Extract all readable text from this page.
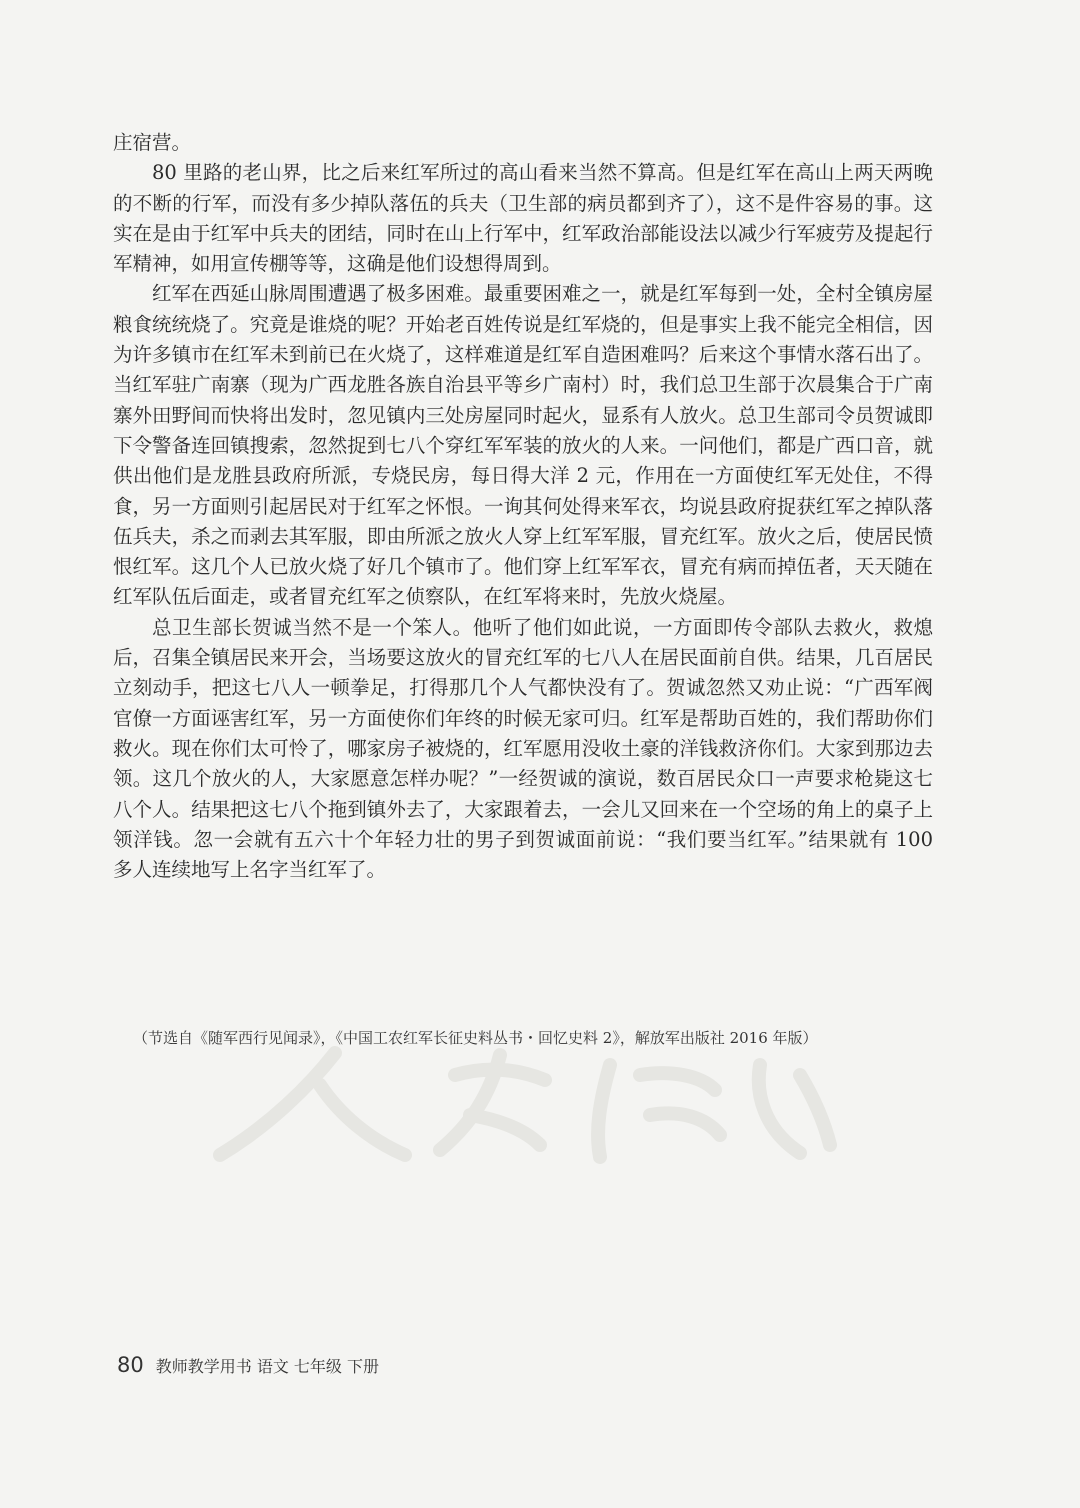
庄宿营。

80 里路的老山界，比之后来红军所过的高山看来当然不算高。但是红军在高山上两天两晚的不断的行军，而没有多少掉队落伍的兵夫（卫生部的病员都到齐了），这不是件容易的事。这实在是由于红军中兵夫的团结，同时在山上行军中，红军政治部能设法以减少行军疲劳及提起行军精神，如用宣传棚等等，这确是他们设想得周到。

红军在西延山脉周围遭遇了极多困难。最重要困难之一，就是红军每到一处，全村全镇房屋粮食统统烧了。究竟是谁烧的呢？开始老百姓传说是红军烧的，但是事实上我不能完全相信，因为许多镇市在红军未到前已在火烧了，这样难道是红军自造困难吗？后来这个事情水落石出了。当红军驻广南寨（现为广西龙胜各族自治县平等乡广南村）时，我们总卫生部于次晨集合于广南寨外田野间而快将出发时，忽见镇内三处房屋同时起火，显系有人放火。总卫生部司令员贺诚即下令警备连回镇搜索，忽然捉到七八个穿红军军装的放火的人来。一问他们，都是广西口音，就供出他们是龙胜县政府所派，专烧民房，每日得大洋 2 元，作用在一方面使红军无处住，不得食，另一方面则引起居民对于红军之怀恨。一询其何处得来军衣，均说县政府捉获红军之掉队落伍兵夫，杀之而剥去其军服，即由所派之放火人穿上红军军服，冒充红军。放火之后，使居民愤恨红军。这几个人已放火烧了好几个镇市了。他们穿上红军军衣，冒充有病而掉伍者，天天随在红军队伍后面走，或者冒充红军之侦察队，在红军将来时，先放火烧屋。

总卫生部长贺诚当然不是一个笨人。他听了他们如此说，一方面即传令部队去救火，救熄后，召集全镇居民来开会，当场要这放火的冒充红军的七八人在居民面前自供。结果，几百居民立刻动手，把这七八人一顿拳足，打得那几个人气都快没有了。贺诚忽然又劝止说：“广西军阀官僚一方面诬害红军，另一方面使你们年终的时候无家可归。红军是帮助百姓的，我们帮助你们救火。现在你们太可怜了，哪家房子被烧的，红军愿用没收土豪的洋钱救济你们。大家到那边去领。这几个放火的人，大家愿意怎样办呢？”一经贺诚的演说，数百居民众口一声要求枪毙这七八个人。结果把这七八个拖到镇外去了，大家跟着去，一会儿又回来在一个空场的角上的桌子上领洋钱。忽一会就有五六十个年轻力壮的男子到贺诚面前说：“我们要当红军。”结果就有 100 多人连续地写上名字当红军了。

（节选自《随军西行见闻录》，《中国工农红军长征史料丛书・回忆史料 2》，解放军出版社 2016 年版）
80 教师教学用书 语文 七年级 下册
